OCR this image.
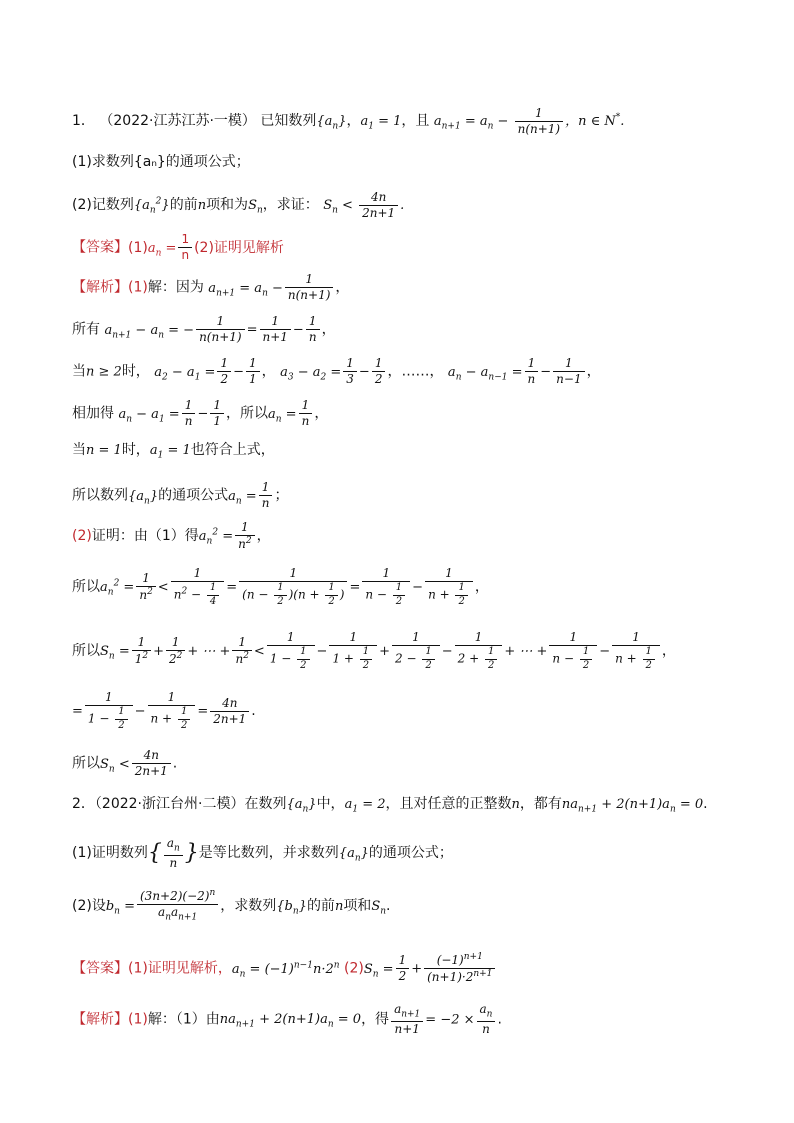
1． （2022·江苏江苏·一模） 已知数列$\{a_n\}$，$a_1 = 1$，且 $a_{n+1} = a_n - \frac{1}{n(n+1)}$ ，n ∈ N*.
(1)求数列{aₙ}的通项公式；
(2)记数列$\{a_n^2\}$的前n项和为$S_n$，求证： $S_n < \frac{4n}{2n+1}$ .
【答案】$(1)a_n = \frac{1}{n} (2)$证明见解析
【解析】(1)解：因为 $a_{n+1} = a_n - \frac{1}{n(n+1)}$ ，
所有 $a_{n+1} - a_n$ = − $\frac{1}{n(n+1)} = \frac{1}{n+1} - \frac{1}{n}$ ，
当n ≥ 2时， $a_2 - a_1 = \frac{1}{2} - \frac{1}{1}$ ， $a_3 - a_2 = \frac{1}{3} - \frac{1}{2}$ ，……， $a_n - a_{n-1} = \frac{1}{n} - \frac{1}{n-1}$ ，
相加得 $a_n - a_1 = \frac{1}{n} - \frac{1}{1}$ ，所以$a_n = \frac{1}{n}$ ，
当n = 1时，$a_1 = 1$也符合上式，
所以数列$\{a_n\}$的通项公式$a_n = \frac{1}{n}$ ；
(2)证明：由（1）得$a_n^2 = \frac{1}{n^2}$ ，
所以$a_n^2 = \frac{1}{n^2} < \frac{1}{n^2 - \frac{1}{4}} = \frac{1}{(n - \frac{1}{2} )(n + \frac{1}{2} )} = \frac{1}{n - \frac{1}{2}} - \frac{1}{n + \frac{1}{2}}$ ，
所以$S_n = \frac{1}{1^2} + \frac{1}{2^2}$ + ⋯ + $\frac{1}{n^2} < \frac{1}{1 - \frac{1}{2}} - \frac{1}{1 + \frac{1}{2}} + \frac{1}{2 - \frac{1}{2}} - \frac{1}{2 + \frac{1}{2}}$ + ⋯ + $\frac{1}{n - \frac{1}{2}} - \frac{1}{n + \frac{1}{2}}$ ，
= $\frac{1}{1 - \frac{1}{2}} - \frac{1}{n + \frac{1}{2}} = \frac{4n}{2n+1}$ .
所以$S_n < \frac{4n}{2n+1}$ .
2．（2022·浙江台州·二模）在数列$\{a_n\}$中，$a_1 = 2$，且对任意的正整数n，都有$na_{n+1} + 2(n+1)a_n = 0$.
(1)证明数列{ $\frac{a_n}{n}$ }是等比数列，并求数列$\{a_n\}$的通项公式；
(2)设$b_n = \frac{(3n+2)(-2)^n}{a_na_{n+1}}$ ，求数列$\{b_n\}$的前n项和$S_n$.
【答案】(1)证明见解析，$a_n = (-1)^{n-1}n\cdot 2^n$ $(2)S_n = \frac{1}{2} + \frac{(-1)^{n+1}}{(n+1)\cdot 2^{n+1}}$
【解析】(1)解：（1）由$na_{n+1} + 2(n+1)a_n = 0$，得 $\frac{a_{n+1}}{n+1} = -2 \times \frac{a_n}{n}$ .
